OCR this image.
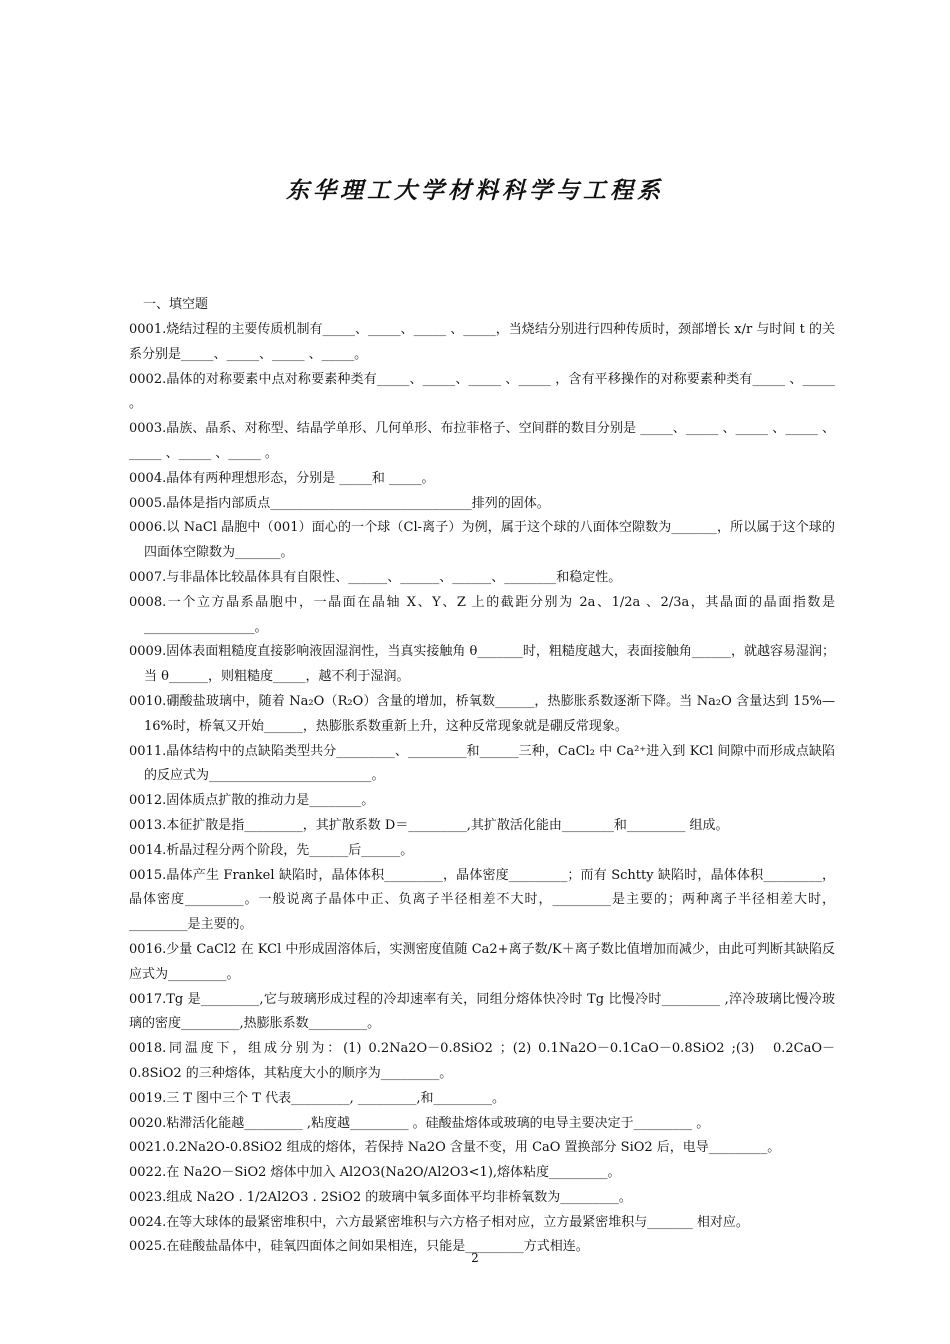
东华理工大学材料科学与工程系
一、填空题
0001.烧结过程的主要传质机制有_____、_____、_____ 、_____，当烧结分别进行四种传质时，颈部增长 x/r 与时间 t 的关系分别是_____、_____、_____ 、_____。
0002.晶体的对称要素中点对称要素种类有_____、_____、_____ 、_____ ，含有平移操作的对称要素种类有_____ 、_____ 。
0003.晶族、晶系、对称型、结晶学单形、几何单形、布拉菲格子、空间群的数目分别是 _____、_____ 、_____ 、_____ 、_____ 、_____ 、_____ 。
0004.晶体有两种理想形态，分别是 _____和 _____。
0005.晶体是指内部质点_______________________________排列的固体。
0006.以 NaCl 晶胞中（001）面心的一个球（Cl-离子）为例，属于这个球的八面体空隙数为_______，所以属于这个球的四面体空隙数为_______。
0007.与非晶体比较晶体具有自限性、______、______、______、________和稳定性。
0008.一个立方晶系晶胞中，一晶面在晶轴 X、Y、Z 上的截距分别为 2a、1/2a 、2/3a，其晶面的晶面指数是_________________。
0009.固体表面粗糙度直接影响液固湿润性，当真实接触角 θ_______时，粗糙度越大，表面接触角______，就越容易湿润；当 θ______，则粗糙度_____，越不利于湿润。
0010.硼酸盐玻璃中，随着 Na₂O（R₂O）含量的增加，桥氧数______，热膨胀系数逐渐下降。当 Na₂O 含量达到 15%—16%时，桥氧又开始______，热膨胀系数重新上升，这种反常现象就是硼反常现象。
0011.晶体结构中的点缺陷类型共分_________、_________和______三种，CaCl₂ 中 Ca²⁺进入到 KCl 间隙中而形成点缺陷的反应式为_________________________。
0012.固体质点扩散的推动力是________。
0013.本征扩散是指_________，其扩散系数 D＝_________,其扩散活化能由________和_________ 组成。
0014.析晶过程分两个阶段，先______后______。
0015.晶体产生 Frankel 缺陷时，晶体体积_________，晶体密度_________；而有 Schtty 缺陷时，晶体体积_________，晶体密度_________。一般说离子晶体中正、负离子半径相差不大时，_________是主要的；两种离子半径相差大时，_________是主要的。
0016.少量 CaCl2 在 KCl 中形成固溶体后，实测密度值随 Ca2+离子数/K＋离子数比值增加而减少，由此可判断其缺陷反应式为_________。
0017.Tg 是_________,它与玻璃形成过程的冷却速率有关，同组分熔体快冷时 Tg 比慢冷时_________ ,淬冷玻璃比慢冷玻璃的密度_________,热膨胀系数_________。
0018.同温度下，组成分别为：(1) 0.2Na2O－0.8SiO2 ；(2) 0.1Na2O－0.1CaO－0.8SiO2 ;(3)　0.2CaO－0.8SiO2 的三种熔体，其粘度大小的顺序为_________。
0019.三 T 图中三个 T 代表_________, _________,和_________。
0020.粘滞活化能越_________ ,粘度越_________ 。硅酸盐熔体或玻璃的电导主要决定于_________ 。
0021.0.2Na2O-0.8SiO2 组成的熔体，若保持 Na2O 含量不变，用 CaO 置换部分 SiO2 后，电导_________。
0022.在 Na2O－SiO2 熔体中加入 Al2O3(Na2O/Al2O3<1),熔体粘度_________。
0023.组成 Na2O . 1/2Al2O3 . 2SiO2 的玻璃中氧多面体平均非桥氧数为_________。
0024.在等大球体的最紧密堆积中，六方最紧密堆积与六方格子相对应，立方最紧密堆积与_______ 相对应。
0025.在硅酸盐晶体中，硅氧四面体之间如果相连，只能是_________方式相连。
2
